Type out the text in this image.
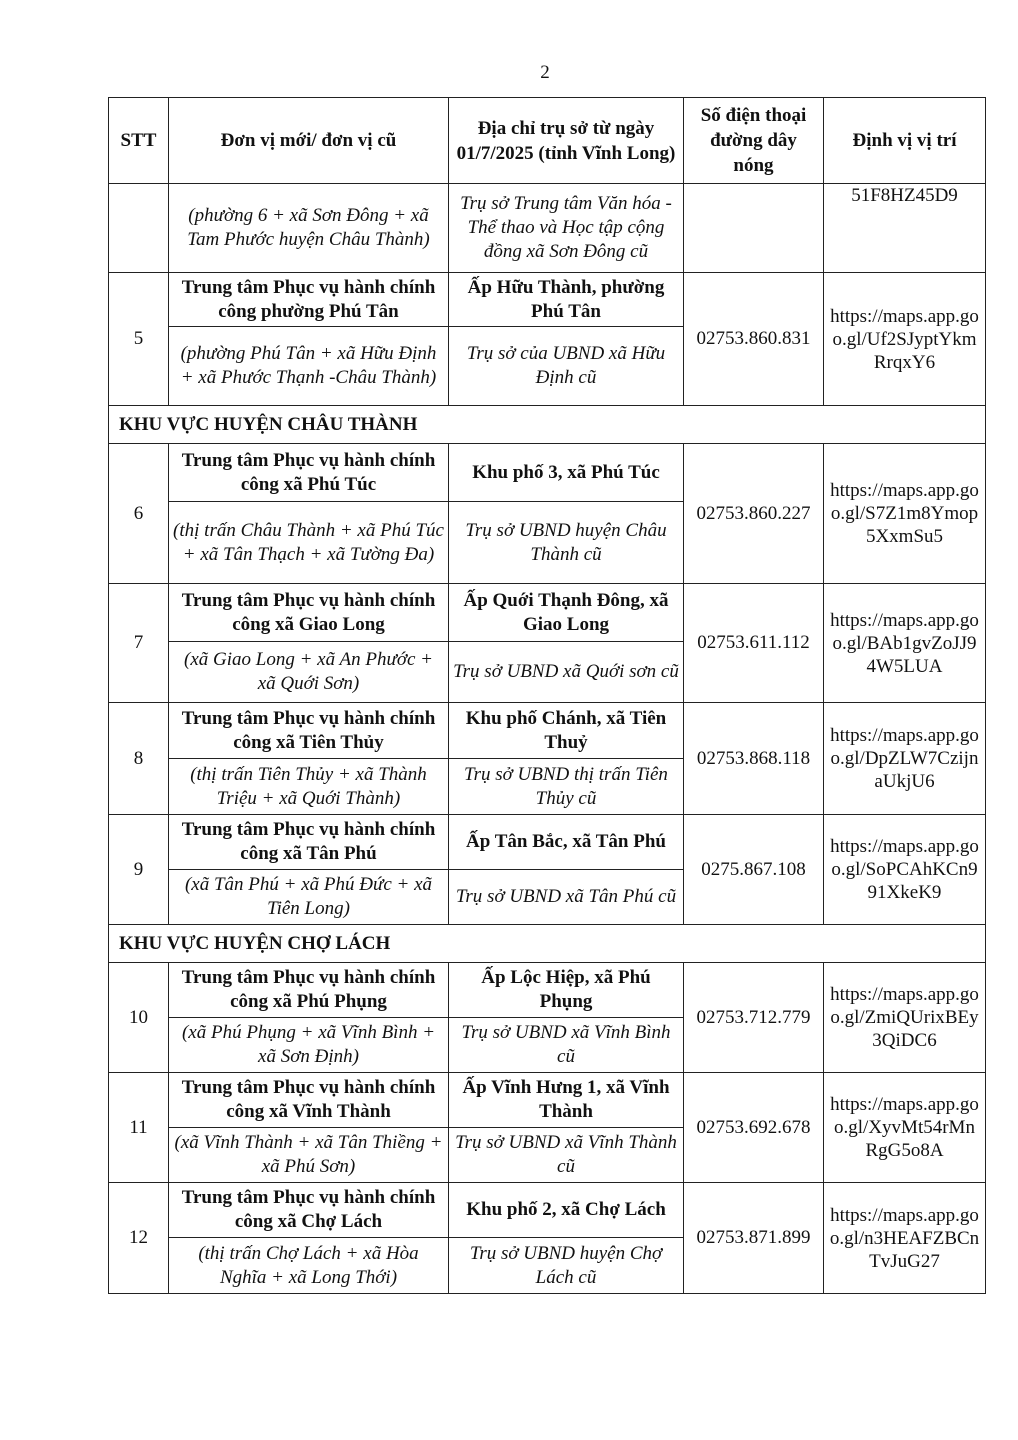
2
STT	Đơn vị mới/ đơn vị cũ	Địa chỉ trụ sở từ ngày 01/7/2025 (tỉnh Vĩnh Long)	Số điện thoại đường dây nóng	Định vị vị trí
	(phường 6 + xã Sơn Đông + xã Tam Phước huyện Châu Thành)	Trụ sở Trung tâm Văn hóa - Thể thao và Học tập cộng đồng xã Sơn Đông cũ		51F8HZ45D9
5	Trung tâm Phục vụ hành chính công phường Phú Tân	Ấp Hữu Thành, phường Phú Tân	02753.860.831	https://maps.app.goo.gl/Uf2SJyptYkmRrqxY6
	(phường Phú Tân + xã Hữu Định + xã Phước Thạnh -Châu Thành)	Trụ sở của UBND xã Hữu Định cũ		
KHU VỰC HUYỆN CHÂU THÀNH				
6	Trung tâm Phục vụ hành chính công xã Phú Túc	Khu phố 3, xã Phú Túc	02753.860.227	https://maps.app.goo.gl/S7Z1m8Ymop5XxmSu5
	(thị trấn Châu Thành + xã Phú Túc + xã Tân Thạch + xã Tường Đa)	Trụ sở UBND huyện Châu Thành cũ		
7	Trung tâm Phục vụ hành chính công xã Giao Long	Ấp Quới Thạnh Đông, xã Giao Long	02753.611.112	https://maps.app.goo.gl/BAb1gvZoJJ94W5LUA
	(xã Giao Long + xã An Phước + xã Quới Sơn)	Trụ sở UBND xã Quới sơn cũ		
8	Trung tâm Phục vụ hành chính công xã Tiên Thủy	Khu phố Chánh, xã Tiên Thuỷ	02753.868.118	https://maps.app.goo.gl/DpZLW7CzijnaUkjU6
	(thị trấn Tiên Thủy + xã Thành Triệu + xã Quới Thành)	Trụ sở UBND thị trấn Tiên Thủy cũ		
9	Trung tâm Phục vụ hành chính công xã Tân Phú	Ấp Tân Bắc, xã Tân Phú	0275.867.108	https://maps.app.goo.gl/SoPCAhKCn991XkeK9
	(xã Tân Phú + xã Phú Đức + xã Tiên Long)	Trụ sở UBND xã Tân Phú cũ		
KHU VỰC HUYỆN CHỢ LÁCH				
10	Trung tâm Phục vụ hành chính công xã Phú Phụng	Ấp Lộc Hiệp, xã Phú Phụng	02753.712.779	https://maps.app.goo.gl/ZmiQUrixBEy3QiDC6
	(xã Phú Phụng + xã Vĩnh Bình + xã Sơn Định)	Trụ sở UBND xã Vĩnh Bình cũ		
11	Trung tâm Phục vụ hành chính công xã Vĩnh Thành	Ấp Vĩnh Hưng 1, xã Vĩnh Thành	02753.692.678	https://maps.app.goo.gl/XyvMt54rMnRgG5o8A
	(xã Vĩnh Thành + xã Tân Thiềng + xã Phú Sơn)	Trụ sở UBND xã Vĩnh Thành cũ		
12	Trung tâm Phục vụ hành chính công xã Chợ Lách	Khu phố 2, xã Chợ Lách	02753.871.899	https://maps.app.goo.gl/n3HEAFZBCnTvJuG27
	(thị trấn Chợ Lách + xã Hòa Nghĩa + xã Long Thới)	Trụ sở UBND huyện Chợ Lách cũ		
